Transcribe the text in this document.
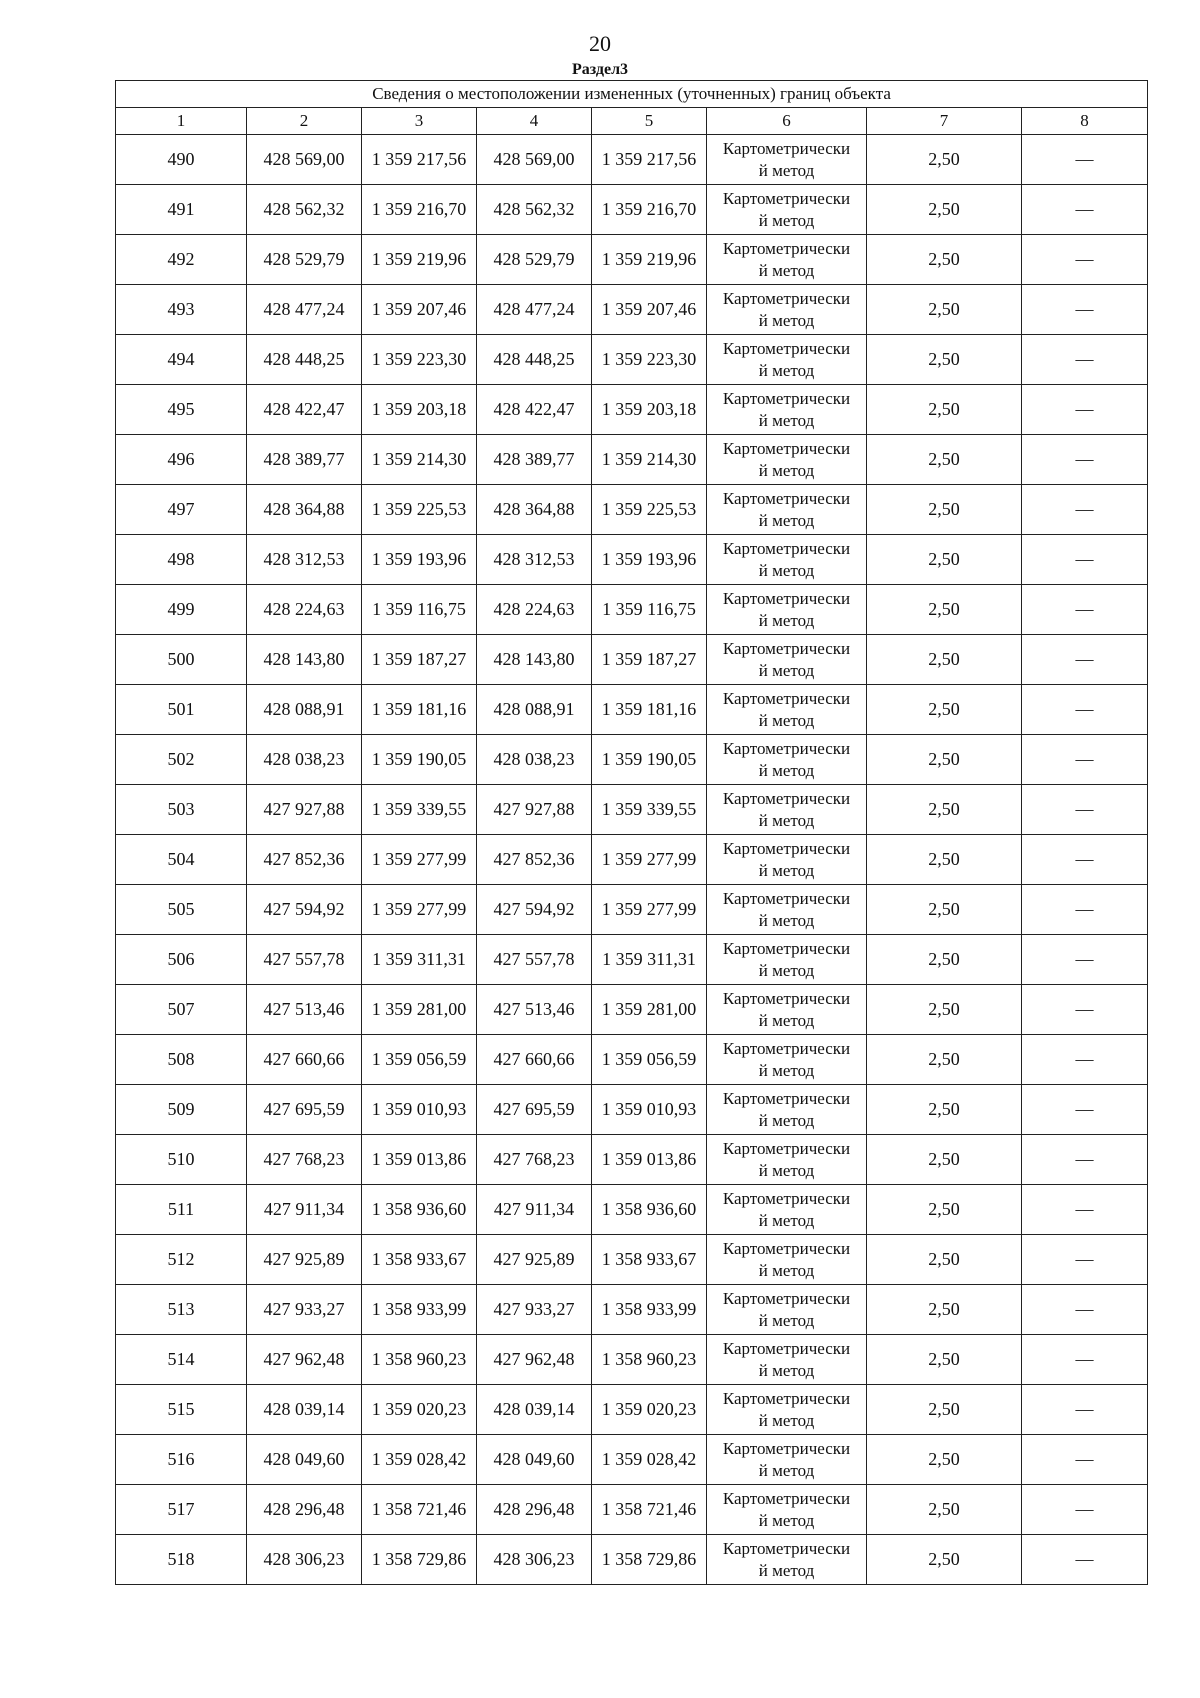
20
Раздел3
Сведения о местоположении измененных (уточненных) границ объекта							
1	2	3	4	5	6	7	8
490	428 569,00	1 359 217,56	428 569,00	1 359 217,56	Картометрически
й метод	2,50	—
491	428 562,32	1 359 216,70	428 562,32	1 359 216,70	Картометрически
й метод	2,50	—
492	428 529,79	1 359 219,96	428 529,79	1 359 219,96	Картометрически
й метод	2,50	—
493	428 477,24	1 359 207,46	428 477,24	1 359 207,46	Картометрически
й метод	2,50	—
494	428 448,25	1 359 223,30	428 448,25	1 359 223,30	Картометрически
й метод	2,50	—
495	428 422,47	1 359 203,18	428 422,47	1 359 203,18	Картометрически
й метод	2,50	—
496	428 389,77	1 359 214,30	428 389,77	1 359 214,30	Картометрически
й метод	2,50	—
497	428 364,88	1 359 225,53	428 364,88	1 359 225,53	Картометрически
й метод	2,50	—
498	428 312,53	1 359 193,96	428 312,53	1 359 193,96	Картометрически
й метод	2,50	—
499	428 224,63	1 359 116,75	428 224,63	1 359 116,75	Картометрически
й метод	2,50	—
500	428 143,80	1 359 187,27	428 143,80	1 359 187,27	Картометрически
й метод	2,50	—
501	428 088,91	1 359 181,16	428 088,91	1 359 181,16	Картометрически
й метод	2,50	—
502	428 038,23	1 359 190,05	428 038,23	1 359 190,05	Картометрически
й метод	2,50	—
503	427 927,88	1 359 339,55	427 927,88	1 359 339,55	Картометрически
й метод	2,50	—
504	427 852,36	1 359 277,99	427 852,36	1 359 277,99	Картометрически
й метод	2,50	—
505	427 594,92	1 359 277,99	427 594,92	1 359 277,99	Картометрически
й метод	2,50	—
506	427 557,78	1 359 311,31	427 557,78	1 359 311,31	Картометрически
й метод	2,50	—
507	427 513,46	1 359 281,00	427 513,46	1 359 281,00	Картометрически
й метод	2,50	—
508	427 660,66	1 359 056,59	427 660,66	1 359 056,59	Картометрически
й метод	2,50	—
509	427 695,59	1 359 010,93	427 695,59	1 359 010,93	Картометрически
й метод	2,50	—
510	427 768,23	1 359 013,86	427 768,23	1 359 013,86	Картометрически
й метод	2,50	—
511	427 911,34	1 358 936,60	427 911,34	1 358 936,60	Картометрически
й метод	2,50	—
512	427 925,89	1 358 933,67	427 925,89	1 358 933,67	Картометрически
й метод	2,50	—
513	427 933,27	1 358 933,99	427 933,27	1 358 933,99	Картометрически
й метод	2,50	—
514	427 962,48	1 358 960,23	427 962,48	1 358 960,23	Картометрически
й метод	2,50	—
515	428 039,14	1 359 020,23	428 039,14	1 359 020,23	Картометрически
й метод	2,50	—
516	428 049,60	1 359 028,42	428 049,60	1 359 028,42	Картометрически
й метод	2,50	—
517	428 296,48	1 358 721,46	428 296,48	1 358 721,46	Картометрически
й метод	2,50	—
518	428 306,23	1 358 729,86	428 306,23	1 358 729,86	Картометрически
й метод	2,50	—
